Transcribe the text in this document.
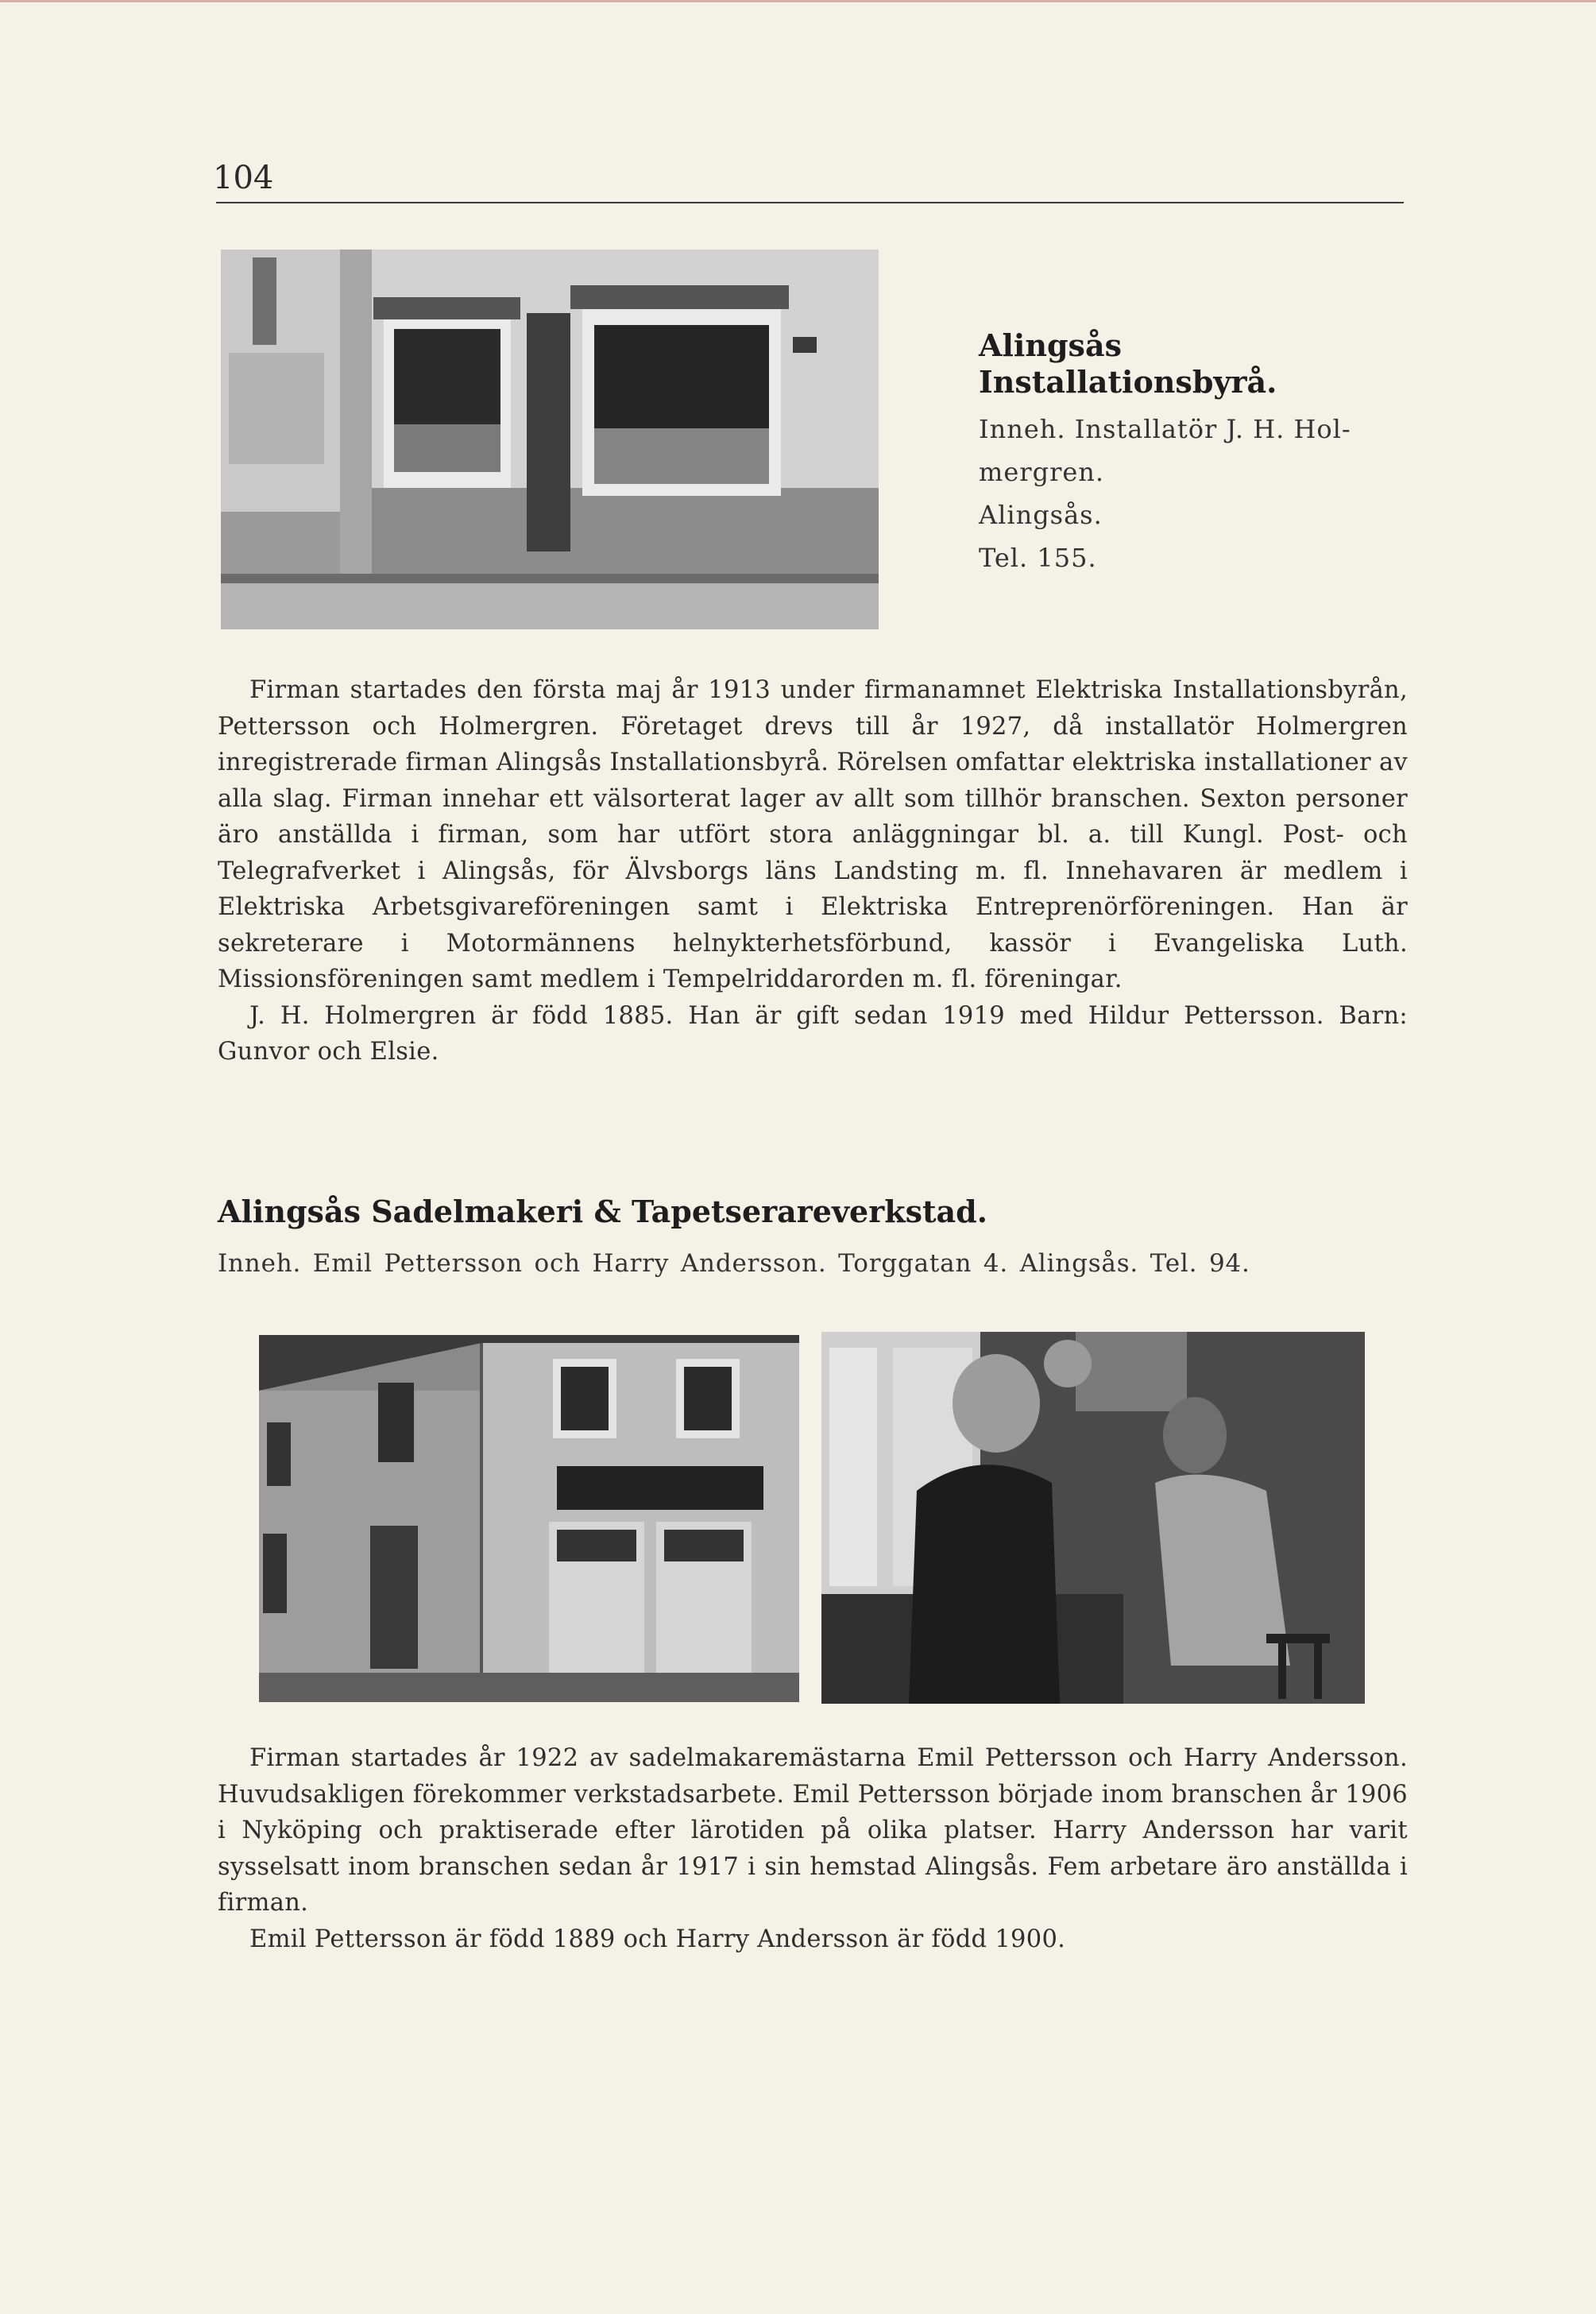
104
Alingsås Installationsbyrå.
Inneh. Installatör J. H. Hol-
mergren.
Alingsås.
Tel. 155.

Firman startades den första maj år 1913 under firmanamnet Elektriska Installationsbyrån, Pettersson och Holmergren. Företaget drevs till år 1927, då installatör Holmergren inregistrerade firman Alingsås Installationsbyrå. Rörelsen omfattar elektriska installationer av alla slag. Firman innehar ett välsorterat lager av allt som tillhör branschen. Sexton personer äro anställda i firman, som har utfört stora anläggningar bl. a. till Kungl. Post- och Telegrafverket i Alingsås, för Älvsborgs läns Landsting m. fl. Innehavaren är medlem i Elektriska Arbetsgivareföreningen samt i Elektriska Entreprenörföreningen. Han är sekreterare i Motormännens helnykterhetsförbund, kassör i Evangeliska Luth. Missionsföreningen samt medlem i Tempelriddarorden m. fl. föreningar.

J. H. Holmergren är född 1885. Han är gift sedan 1919 med Hildur Pettersson. Barn: Gunvor och Elsie.

Alingsås Sadelmakeri & Tapetserareverkstad.
Inneh. Emil Pettersson och Harry Andersson. Torggatan 4. Alingsås. Tel. 94.

Firman startades år 1922 av sadelmakaremästarna Emil Pettersson och Harry Andersson. Huvudsakligen förekommer verkstadsarbete. Emil Pettersson började inom branschen år 1906 i Nyköping och praktiserade efter lärotiden på olika platser. Harry Andersson har varit sysselsatt inom branschen sedan år 1917 i sin hemstad Alingsås. Fem arbetare äro anställda i firman.

Emil Pettersson är född 1889 och Harry Andersson är född 1900.
